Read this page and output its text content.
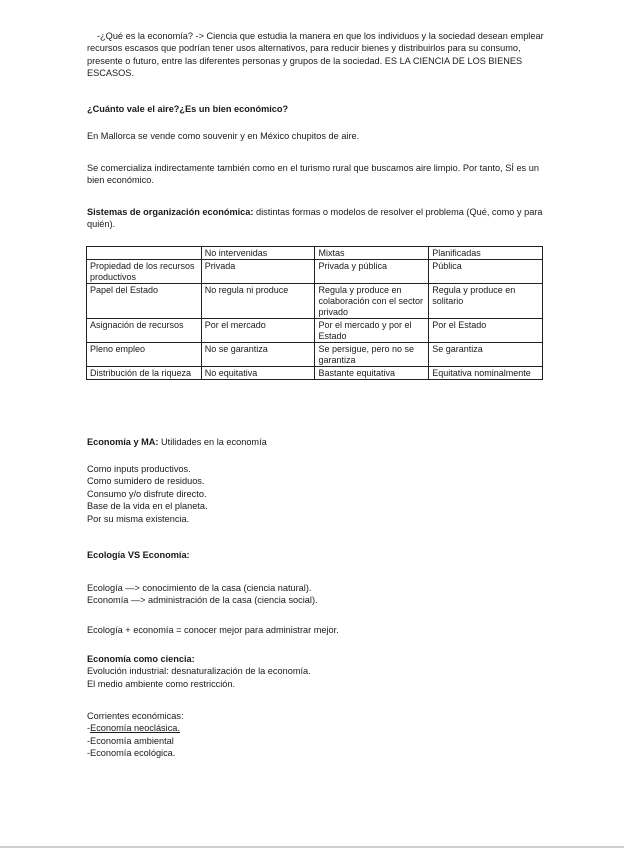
-¿Qué es la economía? -> Ciencia que estudia la manera en que los individuos y la sociedad desean emplear recursos escasos que podrían tener usos alternativos, para reducir bienes y distribuirlos para su consumo, presente o futuro, entre las diferentes personas y grupos de la sociedad. ES LA CIENCIA DE LOS BIENES ESCASOS.

¿Cuánto vale el aire?¿Es un bien económico?

En Mallorca se vende como souvenir y en México chupitos de aire.

Se comercializa indirectamente también como en el turismo rural que buscamos aire limpio. Por tanto, SÍ es un bien económico.

Sistemas de organización económica: distintas formas o modelos de resolver el problema (Qué, como y para quién).

	No intervenidas	Mixtas	Planificadas
Propiedad de los recursos productivos	Privada	Privada y pública	Pública
Papel del Estado	No regula ni produce	Regula y produce en colaboración con el sector privado	Regula y produce en solitario
Asignación de recursos	Por el mercado	Por el mercado y por el Estado	Por el Estado
Pleno empleo	No se garantiza	Se persigue, pero no se garantiza	Se garantiza
Distribución de la riqueza	No equitativa	Bastante equitativa	Equitativa nominalmente

Economía y MA: Utilidades en la economía

Como inputs productivos.

Como sumidero de residuos.

Consumo y/o disfrute directo.

Base de la vida en el planeta.

Por su misma existencia.

Ecología VS Economía:

Ecología —> conocimiento de la casa (ciencia natural).

Economía —> administración de la casa (ciencia social).

Ecología + economía = conocer mejor para administrar mejor.

Economía como ciencia:

Evolución industrial: desnaturalización de la economía.

El medio ambiente como restricción.

Corrientes económicas:

-Economía neoclásica.

-Economía ambiental

-Economía ecológica.
